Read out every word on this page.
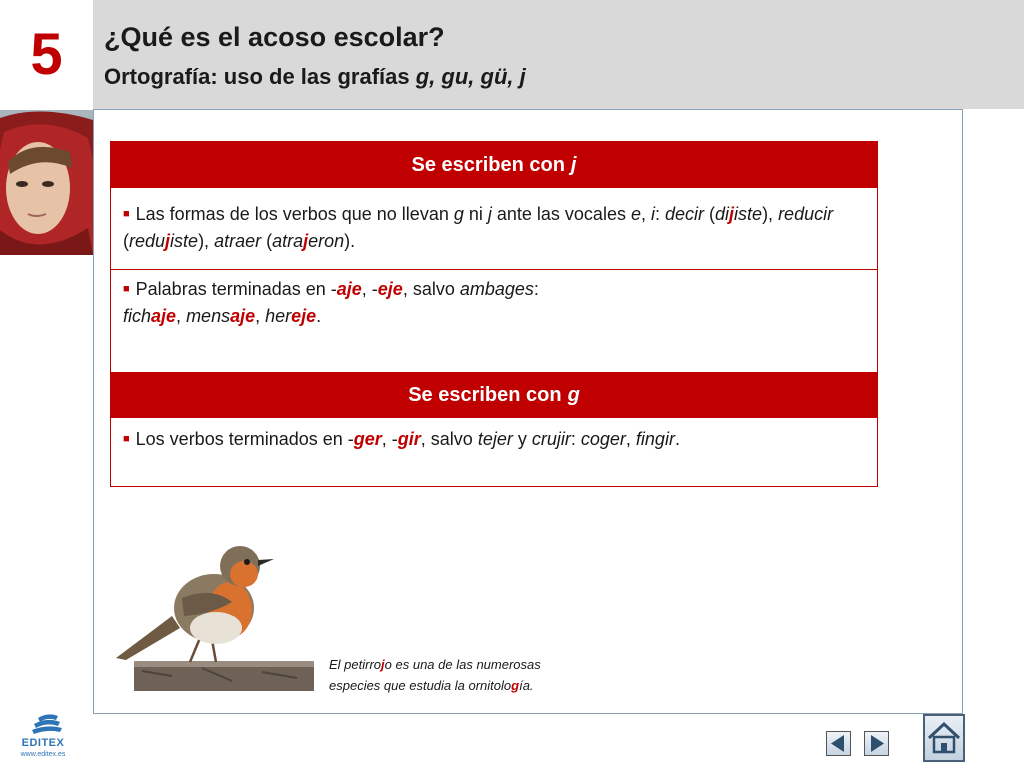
5	¿Qué es el acoso escolar?
Ortografía: uso de las grafías g, gu, gü, j
Se escriben con j
■ Las formas de los verbos que no llevan g ni j ante las vocales e, i: decir (dijiste), reducir (redujiste), atraer (atrajeron).
■ Palabras terminadas en -aje, -eje, salvo ambages:
fichaje, mensaje, hereje.
Se escriben con g
■ Los verbos terminados en -ger, -gir, salvo tejer y crujir: coger, fingir.
El petirrojo es una de las numerosas
especies que estudia la ornitología.
EDITEX
www.editex.es
